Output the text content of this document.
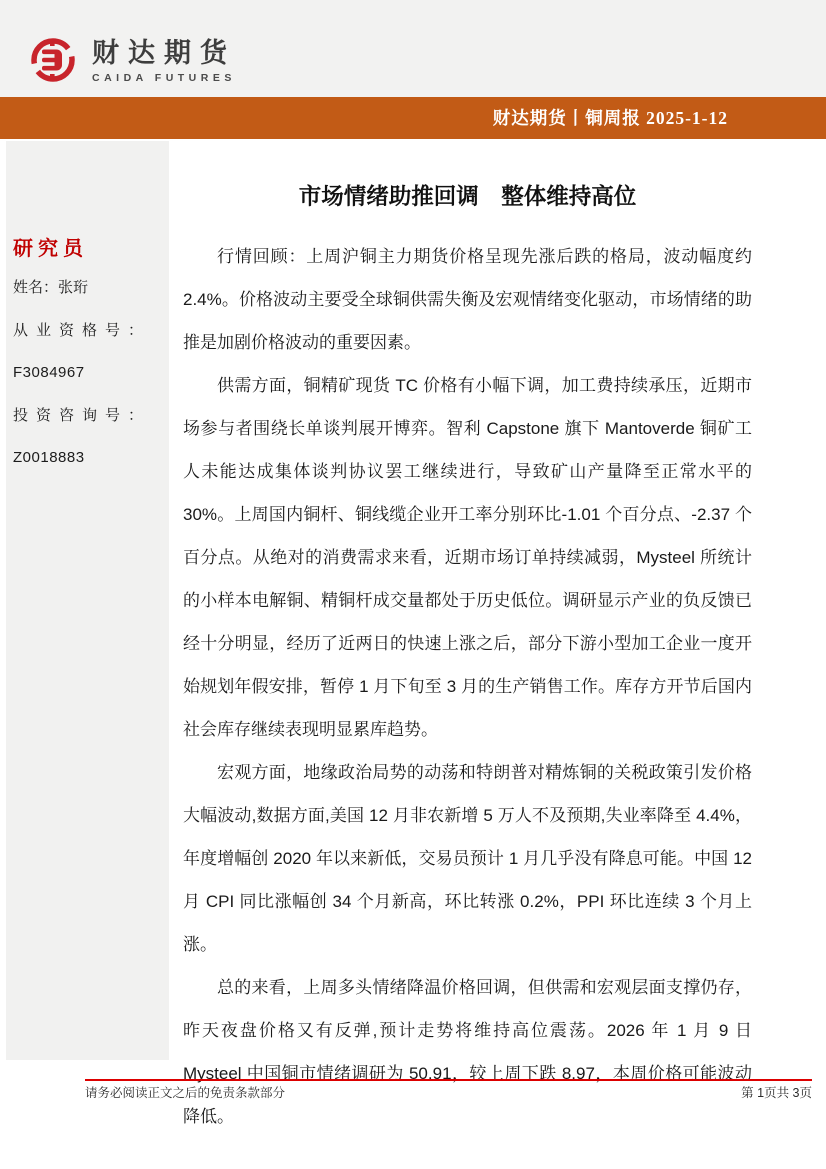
财达期货
CAIDA FUTURES
财达期货丨铜周报 2025-1-12
研究员
姓名：张珩
从业资格号：
F3084967
投资咨询号：
Z0018883
市场情绪助推回调　整体维持高位

行情回顾：上周沪铜主力期货价格呈现先涨后跌的格局，波动幅度约 2.4%。价格波动主要受全球铜供需失衡及宏观情绪变化驱动，市场情绪的助推是加剧价格波动的重要因素。

供需方面，铜精矿现货 TC 价格有小幅下调，加工费持续承压，近期市场参与者围绕长单谈判展开博弈。智利 Capstone 旗下 Mantoverde 铜矿工人未能达成集体谈判协议罢工继续进行，导致矿山产量降至正常水平的 30%。上周国内铜杆、铜线缆企业开工率分别环比-1.01 个百分点、-2.37 个百分点。从绝对的消费需求来看，近期市场订单持续减弱，Mysteel 所统计的小样本电解铜、精铜杆成交量都处于历史低位。调研显示产业的负反馈已经十分明显，经历了近两日的快速上涨之后，部分下游小型加工企业一度开始规划年假安排，暂停 1 月下旬至 3 月的生产销售工作。库存方开节后国内社会库存继续表现明显累库趋势。

宏观方面，地缘政治局势的动荡和特朗普对精炼铜的关税政策引发价格大幅波动,数据方面,美国 12 月非农新增 5 万人不及预期,失业率降至 4.4%，年度增幅创 2020 年以来新低，交易员预计 1 月几乎没有降息可能。中国 12 月 CPI 同比涨幅创 34 个月新高，环比转涨 0.2%，PPI 环比连续 3 个月上涨。

总的来看，上周多头情绪降温价格回调，但供需和宏观层面支撑仍存，昨天夜盘价格又有反弹,预计走势将维持高位震荡。2026 年 1 月 9 日 Mysteel 中国铜市情绪调研为 50.91，较上周下跌 8.97，本周价格可能波动降低。

请务必阅读正文之后的免责条款部分	第 1页共 3页
